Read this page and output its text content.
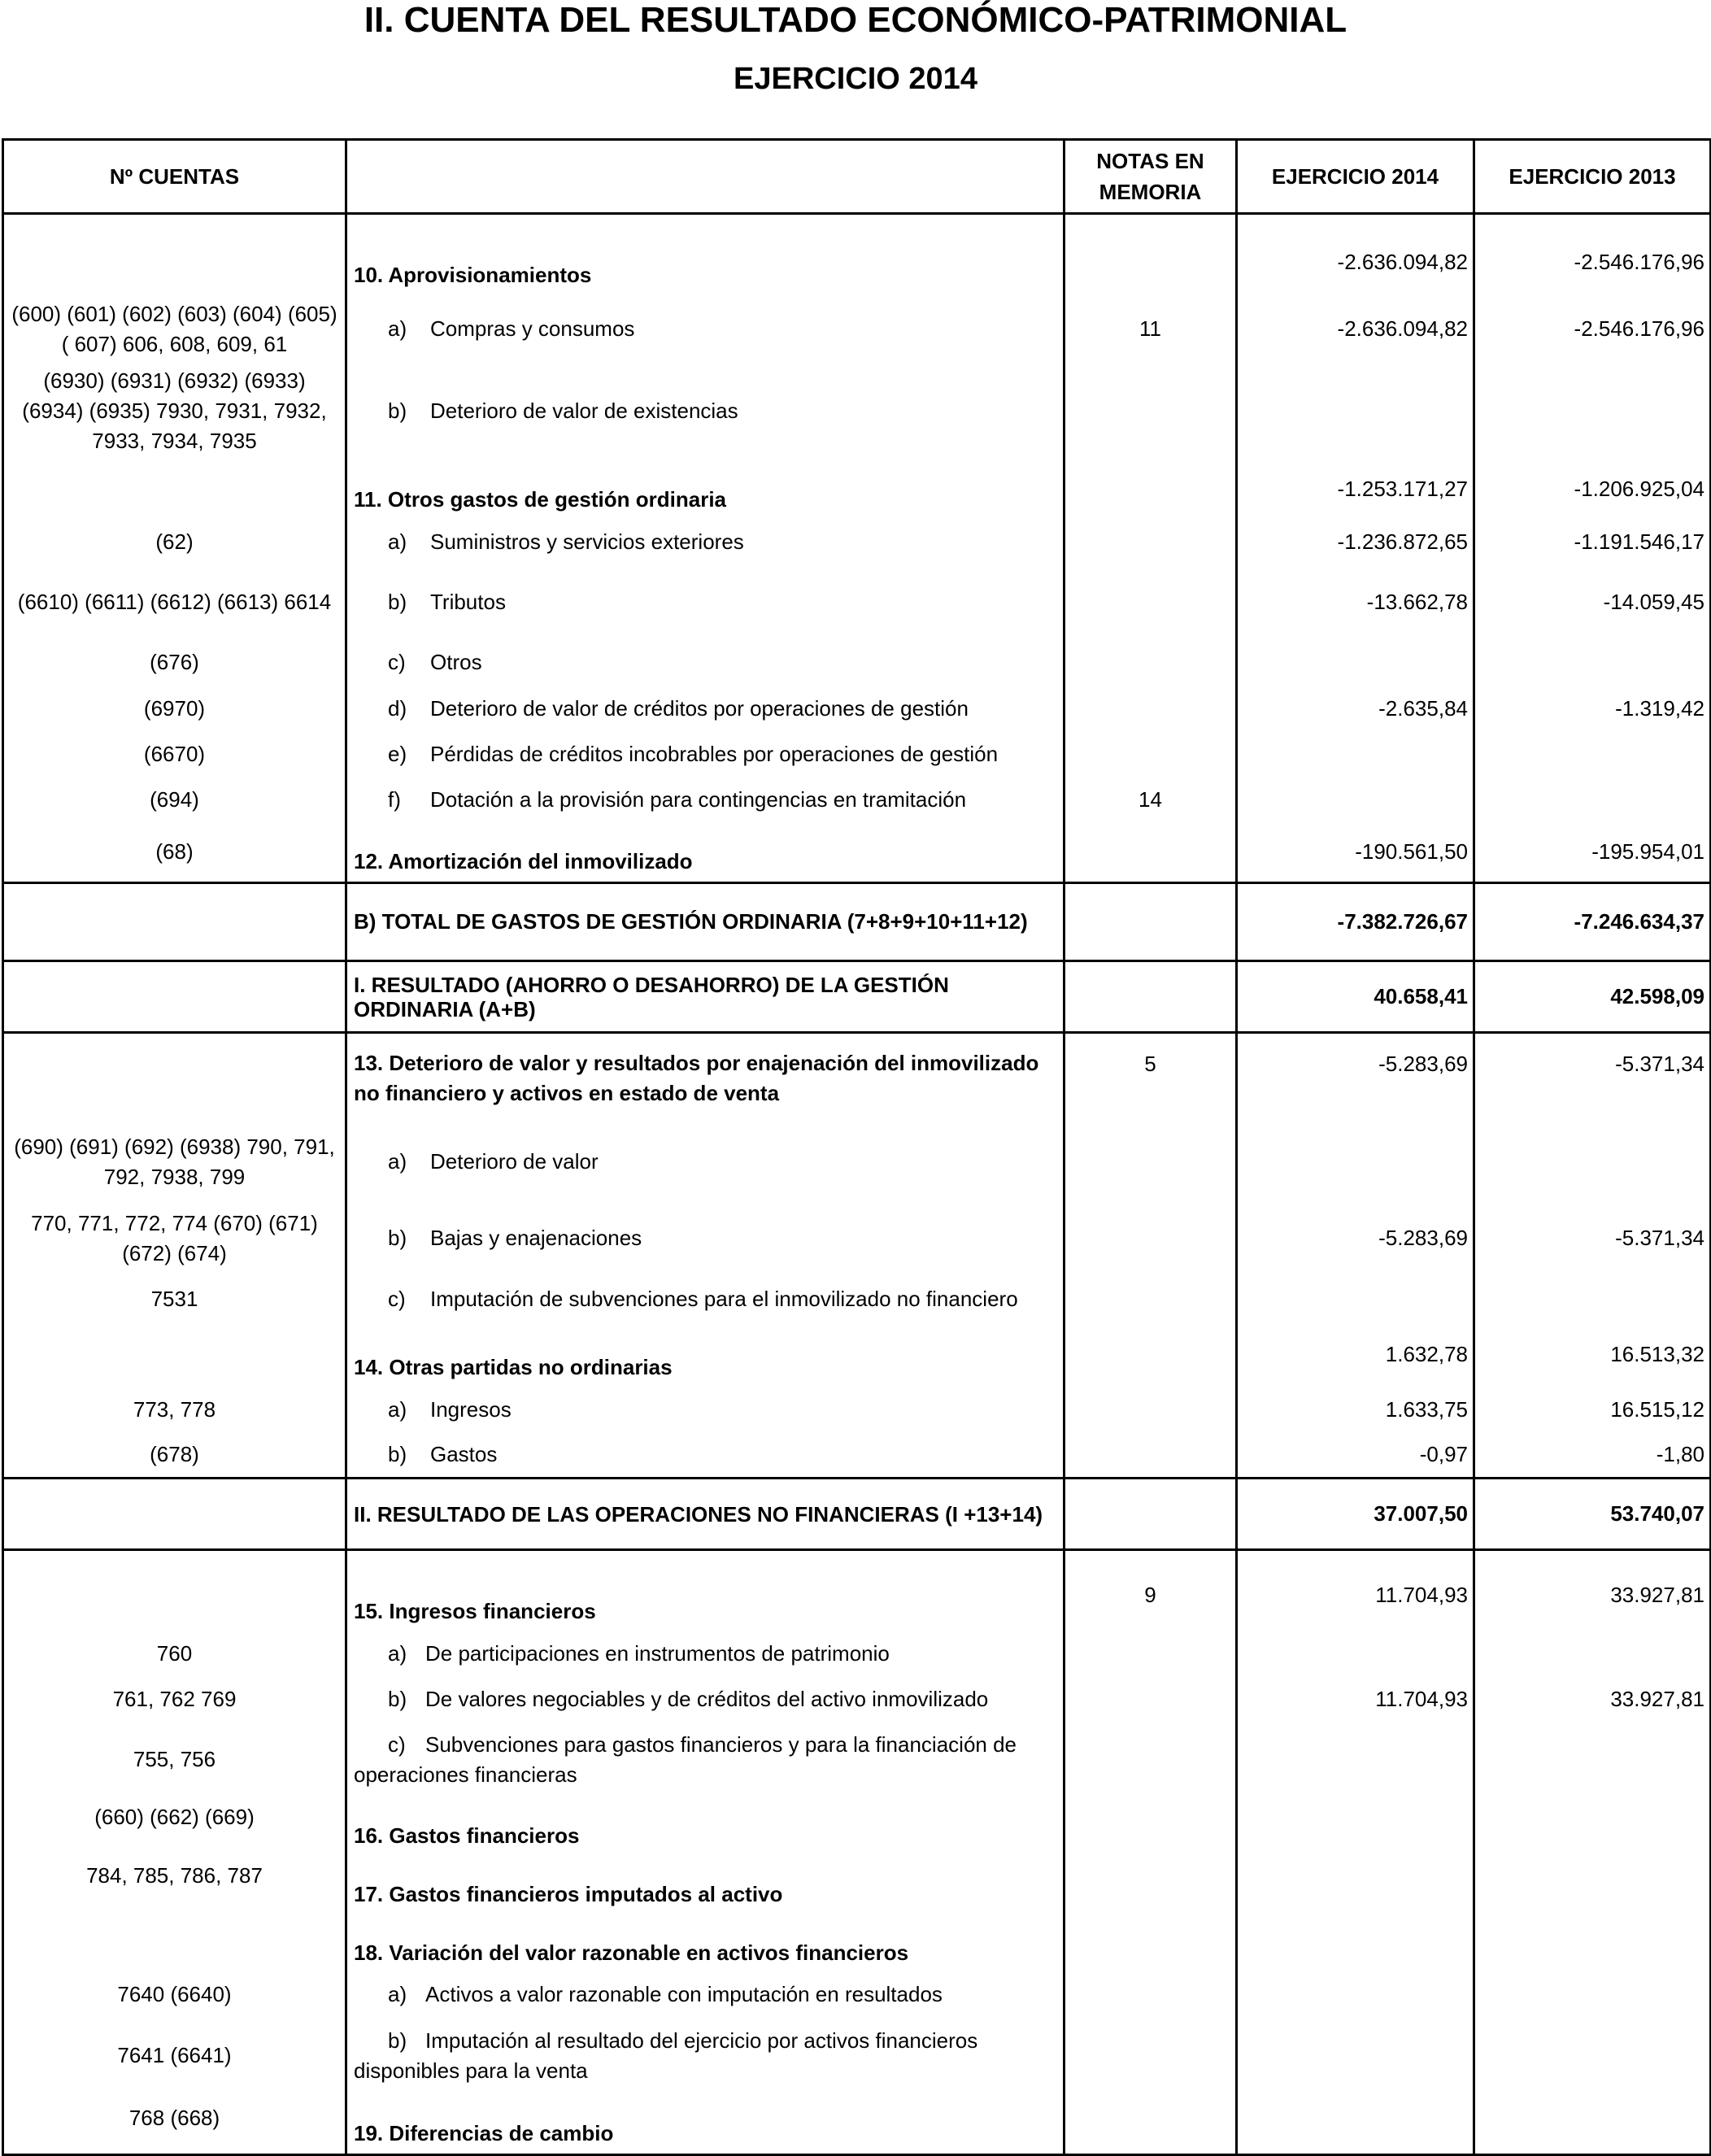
II. CUENTA DEL RESULTADO ECONÓMICO-PATRIMONIAL
EJERCICIO 2014
Nº CUENTAS		NOTAS EN MEMORIA	EJERCICIO 2014	EJERCICIO 2013
	10. Aprovisionamientos		-2.636.094,82	-2.546.176,96
(600) (601) (602) (603) (604) (605) ( 607) 606, 608, 609, 61	a) Compras y consumos	11	-2.636.094,82	-2.546.176,96
(6930) (6931) (6932) (6933) (6934) (6935) 7930, 7931, 7932, 7933, 7934, 7935	b) Deterioro de valor de existencias			
	11. Otros gastos de gestión ordinaria		-1.253.171,27	-1.206.925,04
(62)	a) Suministros y servicios exteriores		-1.236.872,65	-1.191.546,17
(6610) (6611) (6612) (6613) 6614	b) Tributos		-13.662,78	-14.059,45
(676)	c) Otros			
(6970)	d) Deterioro de valor de créditos por operaciones de gestión		-2.635,84	-1.319,42
(6670)	e) Pérdidas de créditos incobrables por operaciones de gestión			
(694)	f) Dotación a la provisión para contingencias en tramitación	14		
(68)	12. Amortización del inmovilizado		-190.561,50	-195.954,01
	B) TOTAL DE GASTOS DE GESTIÓN ORDINARIA (7+8+9+10+11+12)		-7.382.726,67	-7.246.634,37
	I. RESULTADO (AHORRO O DESAHORRO) DE LA GESTIÓN ORDINARIA (A+B)		40.658,41	42.598,09
	13. Deterioro de valor y resultados por enajenación del inmovilizado no financiero y activos en estado de venta	5	-5.283,69	-5.371,34
(690) (691) (692) (6938) 790, 791, 792, 7938, 799	a) Deterioro de valor			
770, 771, 772, 774 (670) (671) (672) (674)	b) Bajas y enajenaciones		-5.283,69	-5.371,34
7531	c) Imputación de subvenciones para el inmovilizado no financiero			
	14. Otras partidas no ordinarias		1.632,78	16.513,32
773, 778	a) Ingresos		1.633,75	16.515,12
(678)	b) Gastos		-0,97	-1,80
	II. RESULTADO DE LAS OPERACIONES NO FINANCIERAS (I +13+14)		37.007,50	53.740,07
	15. Ingresos financieros	9	11.704,93	33.927,81
760	a) De participaciones en instrumentos de patrimonio			
761, 762 769	b) De valores negociables y de créditos del activo inmovilizado		11.704,93	33.927,81
755, 756	c) Subvenciones para gastos financieros y para la financiación de
operaciones financieras			
(660) (662) (669)	16. Gastos financieros			
784, 785, 786, 787	17. Gastos financieros imputados al activo			
	18. Variación del valor razonable en activos financieros			
7640 (6640)	a) Activos a valor razonable con imputación en resultados			
7641 (6641)	b) Imputación al resultado del ejercicio por activos financieros
disponibles para la venta			
768 (668)	19. Diferencias de cambio			
